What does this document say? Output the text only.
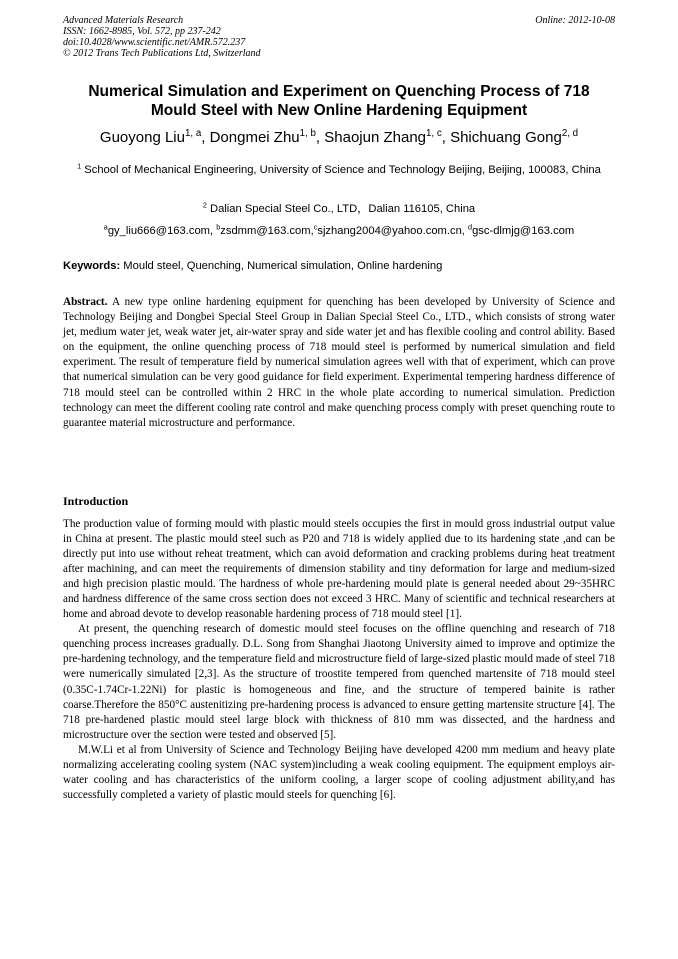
Advanced Materials Research
ISSN: 1662-8985, Vol. 572, pp 237-242
doi:10.4028/www.scientific.net/AMR.572.237
© 2012 Trans Tech Publications Ltd, Switzerland
Online: 2012-10-08
Numerical Simulation and Experiment on Quenching Process of 718
Mould Steel with New Online Hardening Equipment
Guoyong Liu$^{1, a}$, Dongmei Zhu$^{1, b}$, Shaojun Zhang$^{1, c}$, Shichuang Gong$^{2, d}$
$^1$ School of Mechanical Engineering, University of Science and Technology Beijing, Beijing, 100083, China
$^2$ Dalian Special Steel Co., LTD，Dalian 116105, China
$^a$gy_liu666@163.com, $^b$zsdmm@163.com,$^c$sjzhang2004@yahoo.com.cn, $^d$gsc-dlmjg@163.com
Keywords: Mould steel, Quenching, Numerical simulation, Online hardening
Abstract. A new type online hardening equipment for quenching has been developed by University of Science and Technology Beijing and Dongbei Special Steel Group in Dalian Special Steel Co., LTD., which consists of strong water jet, medium water jet, weak water jet, air-water spray and side water jet and has flexible cooling and control ability. Based on the equipment, the online quenching process of 718 mould steel is performed by numerical simulation and field experiment. The result of temperature field by numerical simulation agrees well with that of experiment, which can prove that numerical simulation can be very good guidance for field experiment. Experimental tempering hardness difference of 718 mould steel can be controlled within 2 HRC in the whole plate according to numerical simulation. Prediction technology can meet the different cooling rate control and make quenching process comply with preset quenching route to guarantee material microstructure and performance.
Introduction

The production value of forming mould with plastic mould steels occupies the first in mould gross industrial output value in China at present. The plastic mould steel such as P20 and 718 is widely applied due to its hardening state ,and can be directly put into use without reheat treatment, which can avoid deformation and cracking problems during heat treatment after machining, and can meet the requirements of dimension stability and tiny deformation for large and medium-sized and high precision plastic mould. The hardness of whole pre-hardening mould plate is general needed about 29~35HRC and hardness difference of the same cross section does not exceed 3 HRC. Many of scientific and technical researchers at home and abroad devote to develop reasonable hardening process of 718 mould steel [1].

At present, the quenching research of domestic mould steel focuses on the offline quenching and research of 718 quenching process increases gradually. D.L. Song from Shanghai Jiaotong University aimed to improve and optimize the pre-hardening technology, and the temperature field and microstructure field of large-sized plastic mould made of steel 718 were numerically simulated [2,3]. As the structure of troostite tempered from quenched martensite of 718 mould steel (0.35C-1.74Cr-1.22Ni) for plastic is homogeneous and fine, and the structure of tempered bainite is rather coarse.Therefore the 850°C austenitizing pre-hardening process is advanced to ensure getting martensite structure [4]. The 718 pre-hardened plastic mould steel large block with thickness of 810 mm was dissected, and the hardness and microstructure over the section were tested and observed [5].

M.W.Li et al from University of Science and Technology Beijing have developed 4200 mm medium and heavy plate normalizing accelerating cooling system (NAC system)including a weak cooling equipment. The equipment employs air-water cooling and has characteristics of the uniform cooling, a larger scope of cooling adjustment ability,and has successfully completed a variety of plastic mould steels for quenching [6].
